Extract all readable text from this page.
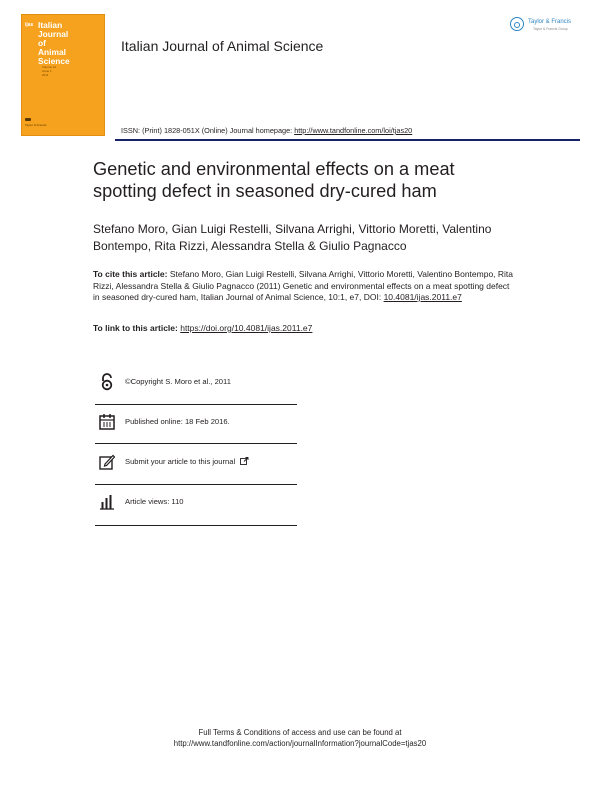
ijas Italian
Journal
of
Animal
Science
Volume 10
Issue 1
2011
Taylor & Francis
Italian Journal of Animal Science
Taylor & Francis
Taylor & Francis Group
ISSN: (Print) 1828-051X (Online) Journal homepage: http://www.tandfonline.com/loi/tjas20
Genetic and environmental effects on a meat spotting defect in seasoned dry-cured ham
Stefano Moro, Gian Luigi Restelli, Silvana Arrighi, Vittorio Moretti, Valentino Bontempo, Rita Rizzi, Alessandra Stella & Giulio Pagnacco
To cite this article: Stefano Moro, Gian Luigi Restelli, Silvana Arrighi, Vittorio Moretti, Valentino Bontempo, Rita Rizzi, Alessandra Stella & Giulio Pagnacco (2011) Genetic and environmental effects on a meat spotting defect in seasoned dry-cured ham, Italian Journal of Animal Science, 10:1, e7, DOI: 10.4081/ijas.2011.e7
To link to this article: https://doi.org/10.4081/ijas.2011.e7
©Copyright S. Moro et al., 2011
Published online: 18 Feb 2016.
Submit your article to this journal
Article views: 110
Full Terms & Conditions of access and use can be found at
http://www.tandfonline.com/action/journalInformation?journalCode=tjas20
